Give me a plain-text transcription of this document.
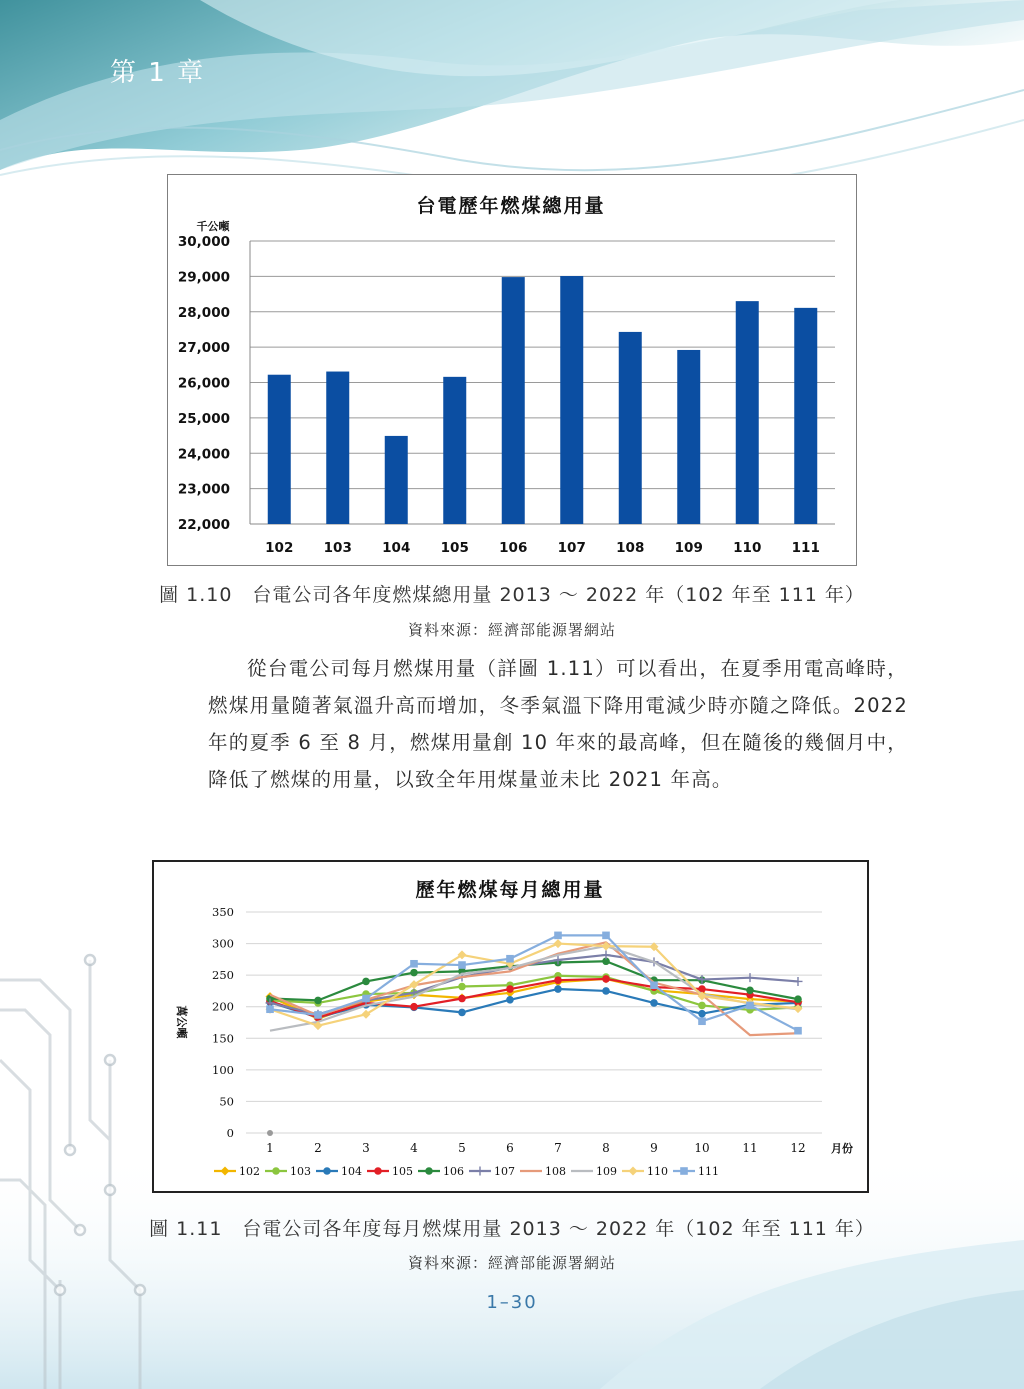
第 1 章
台電歷年燃煤總用量
千公噸
22,000
23,000
24,000
25,000
26,000
27,000
28,000
29,000
30,000
102 103 104 105 106 107 108 109 110 111
圖 1.10　台電公司各年度燃煤總用量 2013 ～ 2022 年（102 年至 111 年）
資料來源：經濟部能源署網站
從台電公司每月燃煤用量（詳圖 1.11）可以看出，在夏季用電高峰時，燃煤用量隨著氣溫升高而增加，冬季氣溫下降用電減少時亦隨之降低。2022 年的夏季 6 至 8 月，燃煤用量創 10 年來的最高峰，但在隨後的幾個月中，降低了燃煤的用量，以致全年用煤量並未比 2021 年高。
歷年燃煤每月總用量
萬公噸
月份
0
50
100
150
200
250
300
350
1	2	3	4	5	6	7	8	9	10	11	12
102	103	104	105	106	107	108	109	110	111
圖 1.11　台電公司各年度每月燃煤用量 2013 ～ 2022 年（102 年至 111 年）
資料來源：經濟部能源署網站
1–30
